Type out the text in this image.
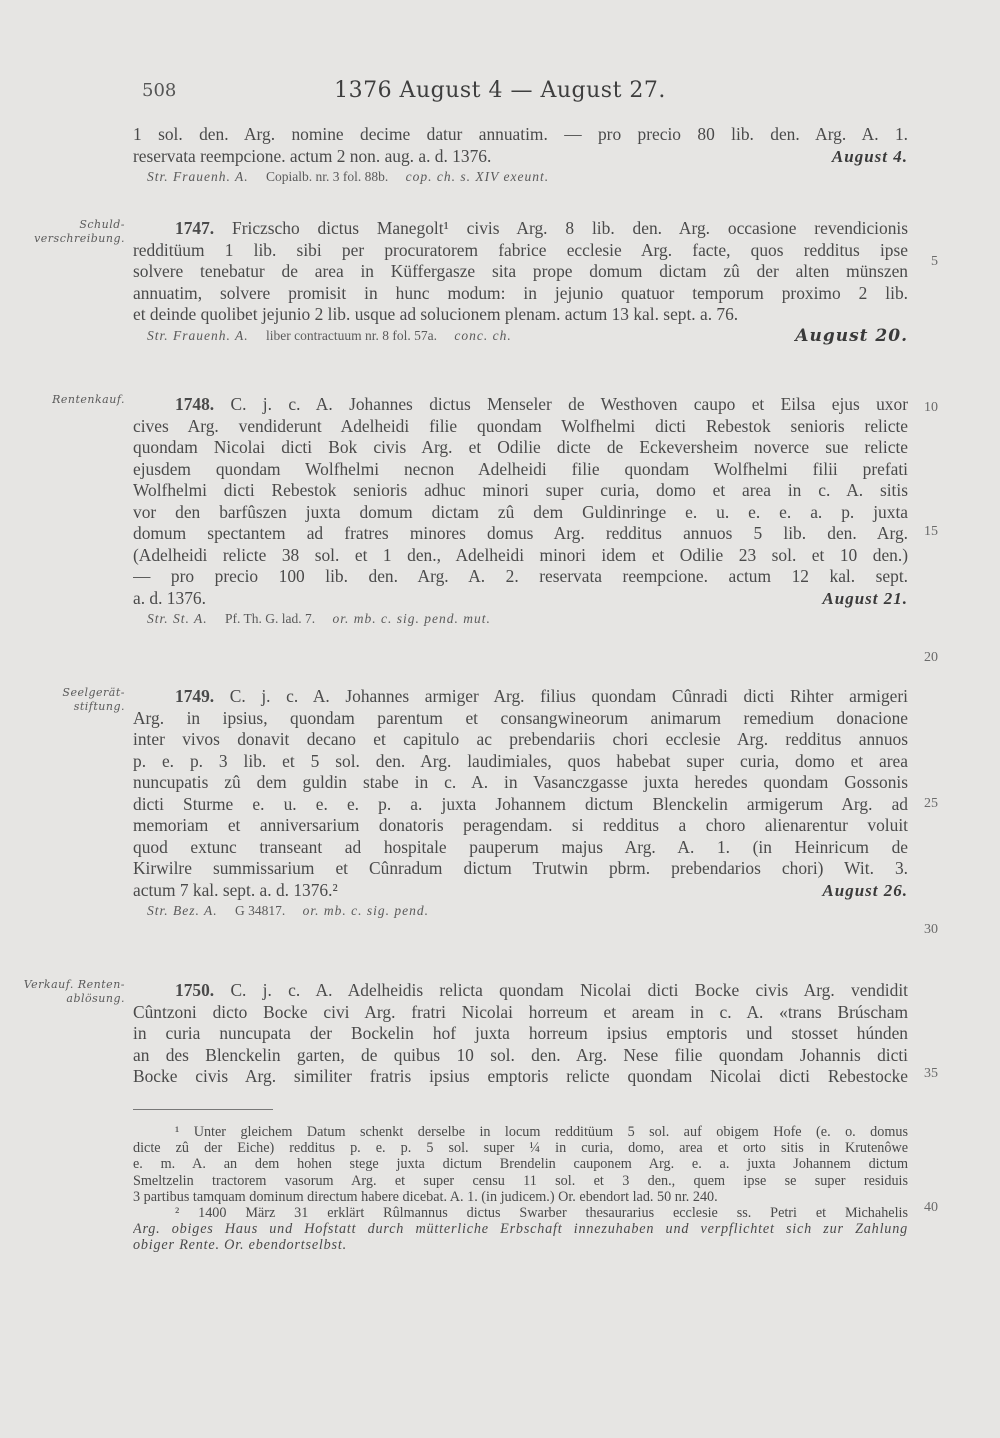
508	1376 August 4 — August 27.
1 sol. den. Arg. nomine decime datur annuatim. — pro precio 80 lib. den. Arg. A. 1.
reservata reempcione. actum 2 non. aug. a. d. 1376.	August 4.
Str. Frauenh. A. Copialb. nr. 3 fol. 88b. cop. ch. s. XIV exeunt.
Schuld-verschreibung.
1747. Friczscho dictus Manegolt¹ civis Arg. 8 lib. den. Arg. occasione revendicionis
redditüum 1 lib. sibi per procuratorem fabrice ecclesie Arg. facte, quos redditus ipse
solvere tenebatur de area in Küffergasze sita prope domum dictam zû der alten münszen
annuatim, solvere promisit in hunc modum: in jejunio quatuor temporum proximo 2 lib.
et deinde quolibet jejunio 2 lib. usque ad solucionem plenam. actum 13 kal. sept. a. 76.
Str. Frauenh. A. liber contractuum nr. 8 fol. 57a. conc. ch.	August 20.
Rentenkauf.	1748. C. j. c. A. Johannes dictus Menseler de Westhoven caupo et Eilsa ejus uxor
cives Arg. vendiderunt Adelheidi filie quondam Wolfhelmi dicti Rebestok senioris relicte
quondam Nicolai dicti Bok civis Arg. et Odilie dicte de Eckeversheim noverce sue relicte
ejusdem quondam Wolfhelmi necnon Adelheidi filie quondam Wolfhelmi filii prefati
Wolfhelmi dicti Rebestok senioris adhuc minori super curia, domo et area in c. A. sitis
vor den barfûszen juxta domum dictam zû dem Guldinringe e. u. e. e. a. p. juxta
domum spectantem ad fratres minores domus Arg. redditus annuos 5 lib. den. Arg.
(Adelheidi relicte 38 sol. et 1 den., Adelheidi minori idem et Odilie 23 sol. et 10 den.)
— pro precio 100 lib. den. Arg. A. 2. reservata reempcione. actum 12 kal. sept.
a. d. 1376.	August 21.
Str. St. A. Pf. Th. G. lad. 7. or. mb. c. sig. pend. mut.
Seelgerät-stiftung.
1749. C. j. c. A. Johannes armiger Arg. filius quondam Cûnradi dicti Rihter armigeri
Arg. in ipsius, quondam parentum et consangwineorum animarum remedium donacione
inter vivos donavit decano et capitulo ac prebendariis chori ecclesie Arg. redditus annuos
p. e. p. 3 lib. et 5 sol. den. Arg. laudimiales, quos habebat super curia, domo et area
nuncupatis zû dem guldin stabe in c. A. in Vasanczgasse juxta heredes quondam Gossonis
dicti Sturme e. u. e. e. p. a. juxta Johannem dictum Blenckelin armigerum Arg. ad
memoriam et anniversarium donatoris peragendam. si redditus a choro alienarentur voluit
quod extunc transeant ad hospitale pauperum majus Arg. A. 1. (in Heinricum de
Kirwilre summissarium et Cûnradum dictum Trutwin pbrm. prebendarios chori) Wit. 3.
actum 7 kal. sept. a. d. 1376.²	August 26.
Str. Bez. A. G 34817. or. mb. c. sig. pend.
Verkauf. Renten-ablösung.	1750. C. j. c. A. Adelheidis relicta quondam Nicolai dicti Bocke civis Arg. vendidit
Cûntzoni dicto Bocke civi Arg. fratri Nicolai horreum et aream in c. A. «trans Brúscham
in curia nuncupata der Bockelin hof juxta horreum ipsius emptoris und stosset húnden
an des Blenckelin garten, de quibus 10 sol. den. Arg. Nese filie quondam Johannis dicti
Bocke civis Arg. similiter fratris ipsius emptoris relicte quondam Nicolai dicti Rebestocke
5
10
15
20
25
30
35
40
¹ Unter gleichem Datum schenkt derselbe in locum redditüum 5 sol. auf obigem Hofe (e. o. domus
dicte zû der Eiche) redditus p. e. p. 5 sol. super ¼ in curia, domo, area et orto sitis in Krutenôwe
e. m. A. an dem hohen stege juxta dictum Brendelin cauponem Arg. e. a. juxta Johannem dictum
Smeltzelin tractorem vasorum Arg. et super censu 11 sol. et 3 den., quem ipse se super residuis
3 partibus tamquam dominum directum habere dicebat. A. 1. (in judicem.) Or. ebendort lad. 50 nr. 240.
² 1400 März 31 erklärt Rûlmannus dictus Swarber thesaurarius ecclesie ss. Petri et Michahelis
Arg. obiges Haus und Hofstatt durch mütterliche Erbschaft innezuhaben und verpflichtet sich zur Zahlung
obiger Rente. Or. ebendortselbst.
